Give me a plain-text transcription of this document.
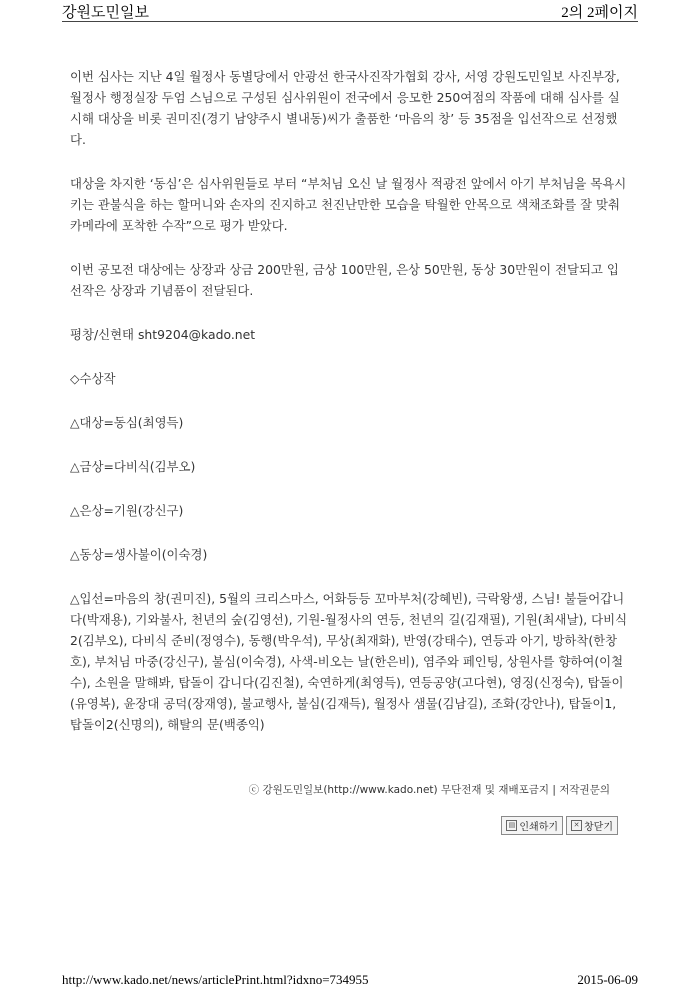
강원도민일보	2의 2페이지

이번 심사는 지난 4일 월정사 동별당에서 안광선 한국사진작가협회 강사, 서영 강원도민일보 사진부장, 월정사 행정실장 두엄 스님으로 구성된 심사위원이 전국에서 응모한 250여점의 작품에 대해 심사를 실시해 대상을 비롯 권미진(경기 남양주시 별내동)씨가 출품한 ‘마음의 창’ 등 35점을 입선작으로 선정했다.

대상을 차지한 ‘동심’은 심사위원들로 부터 “부처님 오신 날 월정사 적광전 앞에서 아기 부처님을 목욕시키는 관불식을 하는 할머니와 손자의 진지하고 천진난만한 모습을 탁월한 안목으로 색채조화를 잘 맞춰 카메라에 포착한 수작”으로 평가 받았다.

이번 공모전 대상에는 상장과 상금 200만원, 금상 100만원, 은상 50만원, 동상 30만원이 전달되고 입선작은 상장과 기념품이 전달된다.

평창/신현태 sht9204@kado.net

◇수상작

△대상=동심(최영득)

△금상=다비식(김부오)

△은상=기원(강신구)

△동상=생사불이(이숙경)

△입선=마음의 창(권미진), 5월의 크리스마스, 어화등등 꼬마부처(강혜빈), 극락왕생, 스님! 불들어갑니다(박재용), 기와불사, 천년의 숲(김영선), 기원-월정사의 연등, 천년의 길(김재필), 기원(최새날), 다비식2(김부오), 다비식 준비(정영수), 동행(박우석), 무상(최재화), 반영(강태수), 연등과 아기, 방하착(한창호), 부처님 마중(강신구), 불심(이숙경), 사색-비오는 날(한은비), 염주와 페인팅, 상원사를 향하여(이철수), 소원을 말해봐, 탑돌이 갑니다(김진철), 숙연하게(최영득), 연등공양(고다현), 영징(신정숙), 탑돌이(유영복), 윤장대 공덕(장재영), 불교행사, 불심(김재득), 월정사 샘물(김남길), 조화(강안나), 탑돌이1, 탑돌이2(신명의), 해탈의 문(백종익)

ⓒ 강원도민일보(http://www.kado.net) 무단전재 및 재배포금지 | 저작권문의
▤ 인쇄하기	✕ 창닫기
http://www.kado.net/news/articlePrint.html?idxno=734955	2015-06-09
